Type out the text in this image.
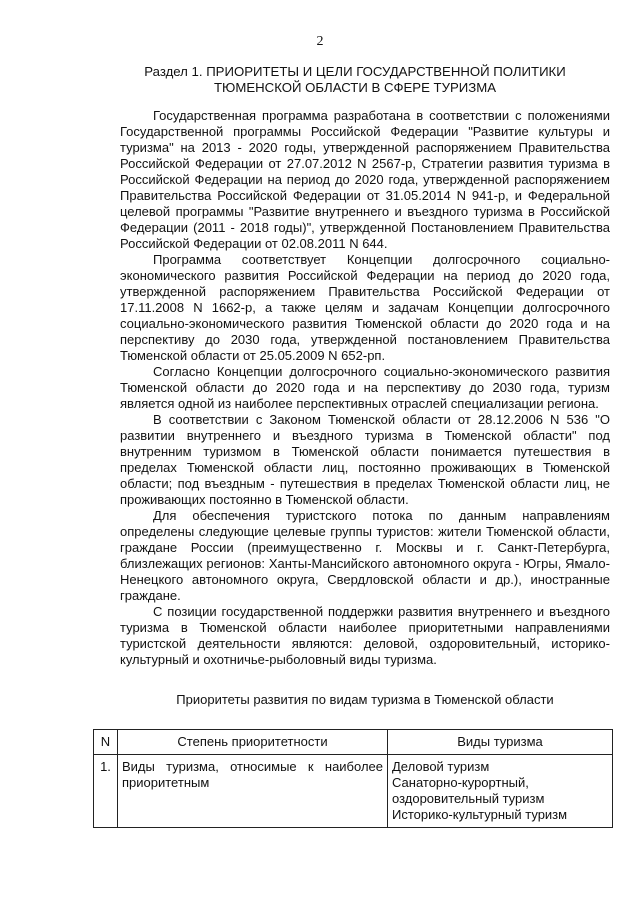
2
Раздел 1. ПРИОРИТЕТЫ И ЦЕЛИ ГОСУДАРСТВЕННОЙ ПОЛИТИКИ
ТЮМЕНСКОЙ ОБЛАСТИ В СФЕРЕ ТУРИЗМА

Государственная программа разработана в соответствии с положениями Государственной программы Российской Федерации "Развитие культуры и туризма" на 2013 - 2020 годы, утвержденной распоряжением Правительства Российской Федерации от 27.07.2012 N 2567-р, Стратегии развития туризма в Российской Федерации на период до 2020 года, утвержденной распоряжением Правительства Российской Федерации от 31.05.2014 N 941-р, и Федеральной целевой программы "Развитие внутреннего и въездного туризма в Российской Федерации (2011 - 2018 годы)", утвержденной Постановлением Правительства Российской Федерации от 02.08.2011 N 644.

Программа соответствует Концепции долгосрочного социально-экономического развития Российской Федерации на период до 2020 года, утвержденной распоряжением Правительства Российской Федерации от 17.11.2008 N 1662-р, а также целям и задачам Концепции долгосрочного социально-экономического развития Тюменской области до 2020 года и на перспективу до 2030 года, утвержденной постановлением Правительства Тюменской области от 25.05.2009 N 652-рп.

Согласно Концепции долгосрочного социально-экономического развития Тюменской области до 2020 года и на перспективу до 2030 года, туризм является одной из наиболее перспективных отраслей специализации региона.

В соответствии с Законом Тюменской области от 28.12.2006 N 536 "О развитии внутреннего и въездного туризма в Тюменской области" под внутренним туризмом в Тюменской области понимается путешествия в пределах Тюменской области лиц, постоянно проживающих в Тюменской области; под въездным - путешествия в пределах Тюменской области лиц, не проживающих постоянно в Тюменской области.

Для обеспечения туристского потока по данным направлениям определены следующие целевые группы туристов: жители Тюменской области, граждане России (преимущественно г. Москвы и г. Санкт-Петербурга, близлежащих регионов: Ханты-Мансийского автономного округа - Югры, Ямало-Ненецкого автономного округа, Свердловской области и др.), иностранные граждане.

С позиции государственной поддержки развития внутреннего и въездного туризма в Тюменской области наиболее приоритетными направлениями туристской деятельности являются: деловой, оздоровительный, историко-культурный и охотничье-рыболовный виды туризма.

Приоритеты развития по видам туризма в Тюменской области
N	Степень приоритетности	Виды туризма
1.	Виды туризма, относимые к наиболее приоритетным	Деловой туризм
Санаторно-курортный,
оздоровительный туризм
Историко-культурный туризм
